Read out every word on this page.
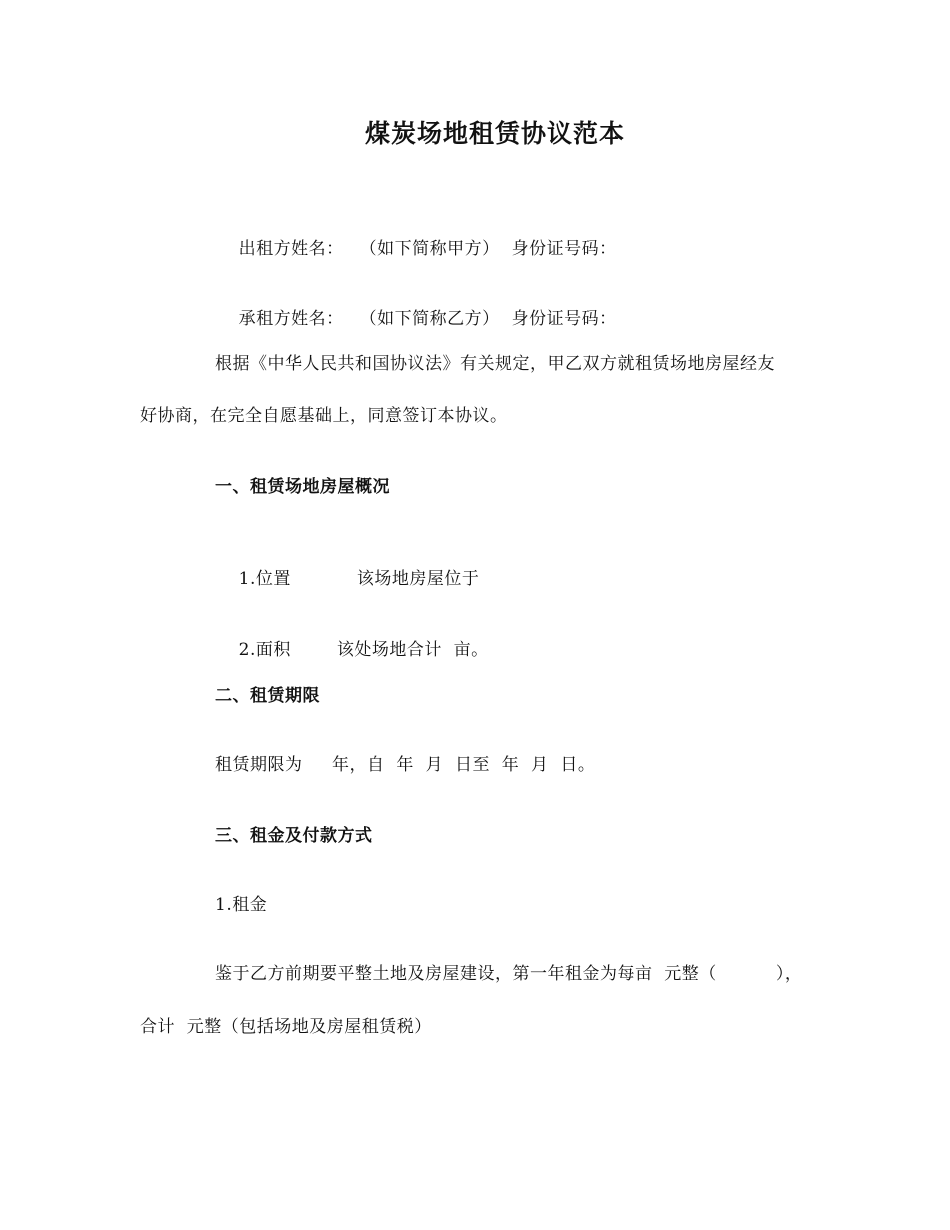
煤炭场地租赁协议范本

出租方姓名： （如下简称甲方） 身份证号码：

承租方姓名： （如下简称乙方） 身份证号码：

根据《中华人民共和国协议法》有关规定，甲乙双方就租赁场地房屋经友
好协商，在完全自愿基础上，同意签订本协议。
一、租赁场地房屋概况

1.位置	该场地房屋位于

2.面积	该处场地合计  亩。

二、租赁期限
租赁期限为     年，自  年  月  日至  年  月  日。
三、租金及付款方式
1.租金
鉴于乙方前期要平整土地及房屋建设，第一年租金为每亩  元整（          ），
合计  元整（包括场地及房屋租赁税）
